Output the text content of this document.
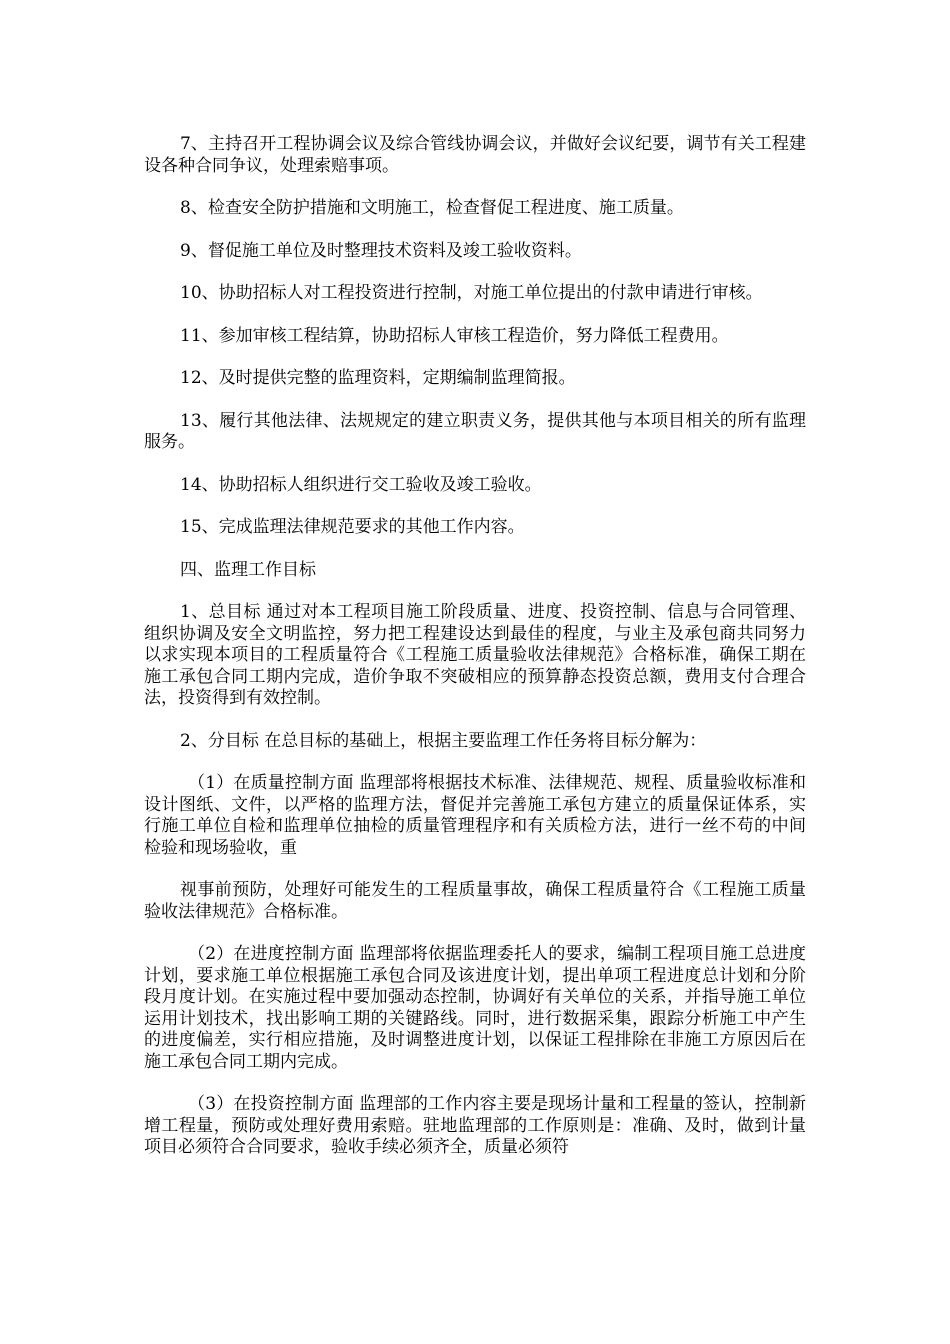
7、主持召开工程协调会议及综合管线协调会议，并做好会议纪要，调节有关工程建设各种合同争议，处理索赔事项。

8、检查安全防护措施和文明施工，检查督促工程进度、施工质量。

9、督促施工单位及时整理技术资料及竣工验收资料。

10、协助招标人对工程投资进行控制，对施工单位提出的付款申请进行审核。

11、参加审核工程结算，协助招标人审核工程造价，努力降低工程费用。

12、及时提供完整的监理资料，定期编制监理简报。

13、履行其他法律、法规规定的建立职责义务，提供其他与本项目相关的所有监理服务。

14、协助招标人组织进行交工验收及竣工验收。

15、完成监理法律规范要求的其他工作内容。

四、监理工作目标

1、总目标 通过对本工程项目施工阶段质量、进度、投资控制、信息与合同管理、组织协调及安全文明监控，努力把工程建设达到最佳的程度，与业主及承包商共同努力以求实现本项目的工程质量符合《工程施工质量验收法律规范》合格标准，确保工期在施工承包合同工期内完成，造价争取不突破相应的预算静态投资总额，费用支付合理合法，投资得到有效控制。

2、分目标 在总目标的基础上，根据主要监理工作任务将目标分解为：

（1）在质量控制方面 监理部将根据技术标准、法律规范、规程、质量验收标准和设计图纸、文件，以严格的监理方法，督促并完善施工承包方建立的质量保证体系，实行施工单位自检和监理单位抽检的质量管理程序和有关质检方法，进行一丝不苟的中间检验和现场验收，重

视事前预防，处理好可能发生的工程质量事故，确保工程质量符合《工程施工质量验收法律规范》合格标准。

（2）在进度控制方面 监理部将依据监理委托人的要求，编制工程项目施工总进度计划，要求施工单位根据施工承包合同及该进度计划，提出单项工程进度总计划和分阶段月度计划。在实施过程中要加强动态控制，协调好有关单位的关系，并指导施工单位运用计划技术，找出影响工期的关键路线。同时，进行数据采集，跟踪分析施工中产生的进度偏差，实行相应措施，及时调整进度计划，以保证工程排除在非施工方原因后在施工承包合同工期内完成。

（3）在投资控制方面 监理部的工作内容主要是现场计量和工程量的签认，控制新增工程量，预防或处理好费用索赔。驻地监理部的工作原则是：准确、及时，做到计量项目必须符合合同要求，验收手续必须齐全，质量必须符
